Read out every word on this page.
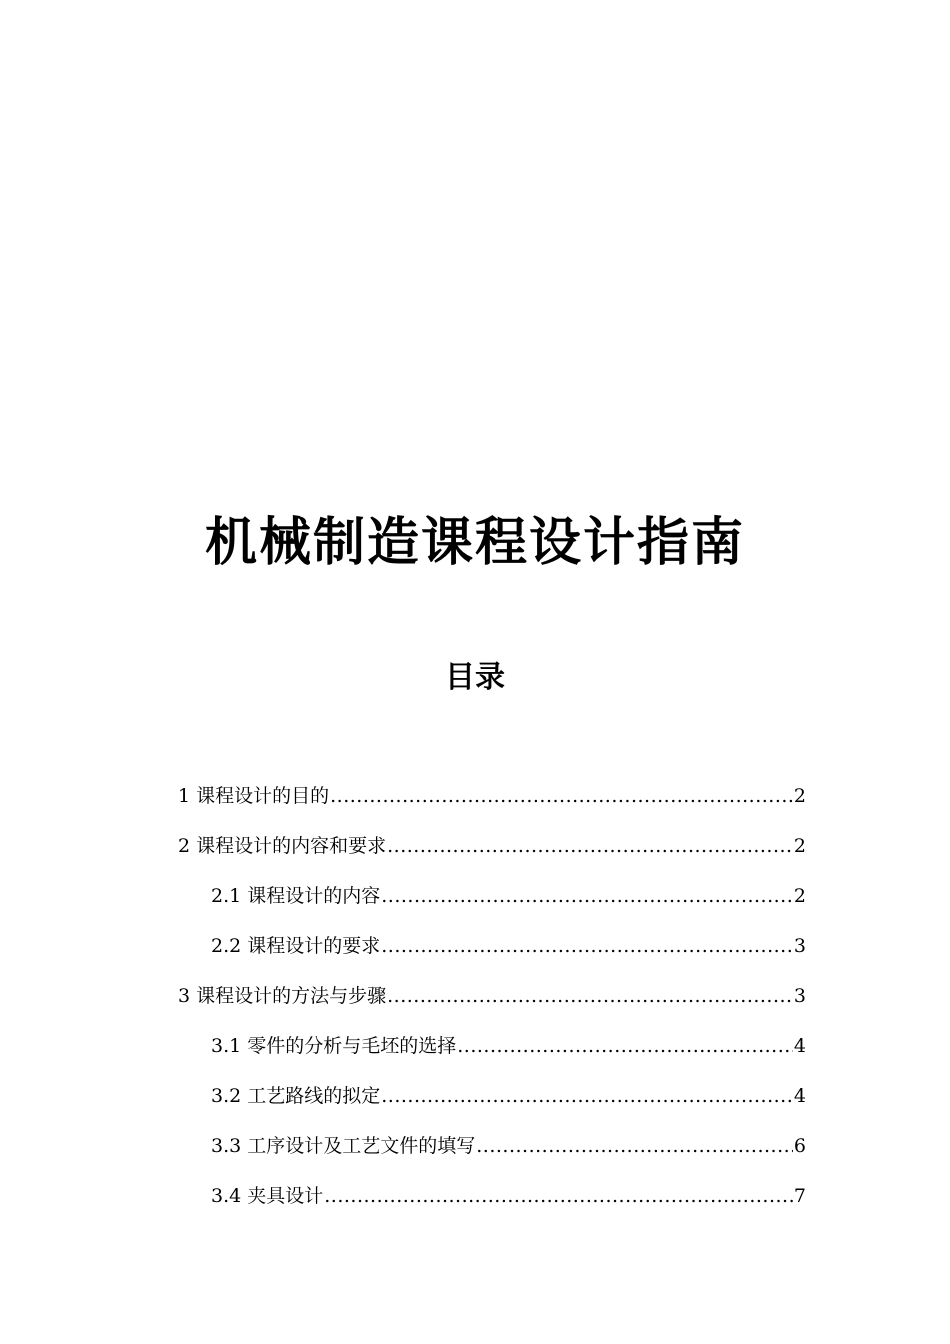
机械制造课程设计指南
目录
1 课程设计的目的 .....	2
2 课程设计的内容和要求 .....	2
2.1 课程设计的内容 .....	2
2.2 课程设计的要求 .....	3
3 课程设计的方法与步骤 .....	3
3.1 零件的分析与毛坯的选择 .....	4
3.2 工艺路线的拟定 .....	4
3.3 工序设计及工艺文件的填写 .....	6
3.4 夹具设计 .....	7
